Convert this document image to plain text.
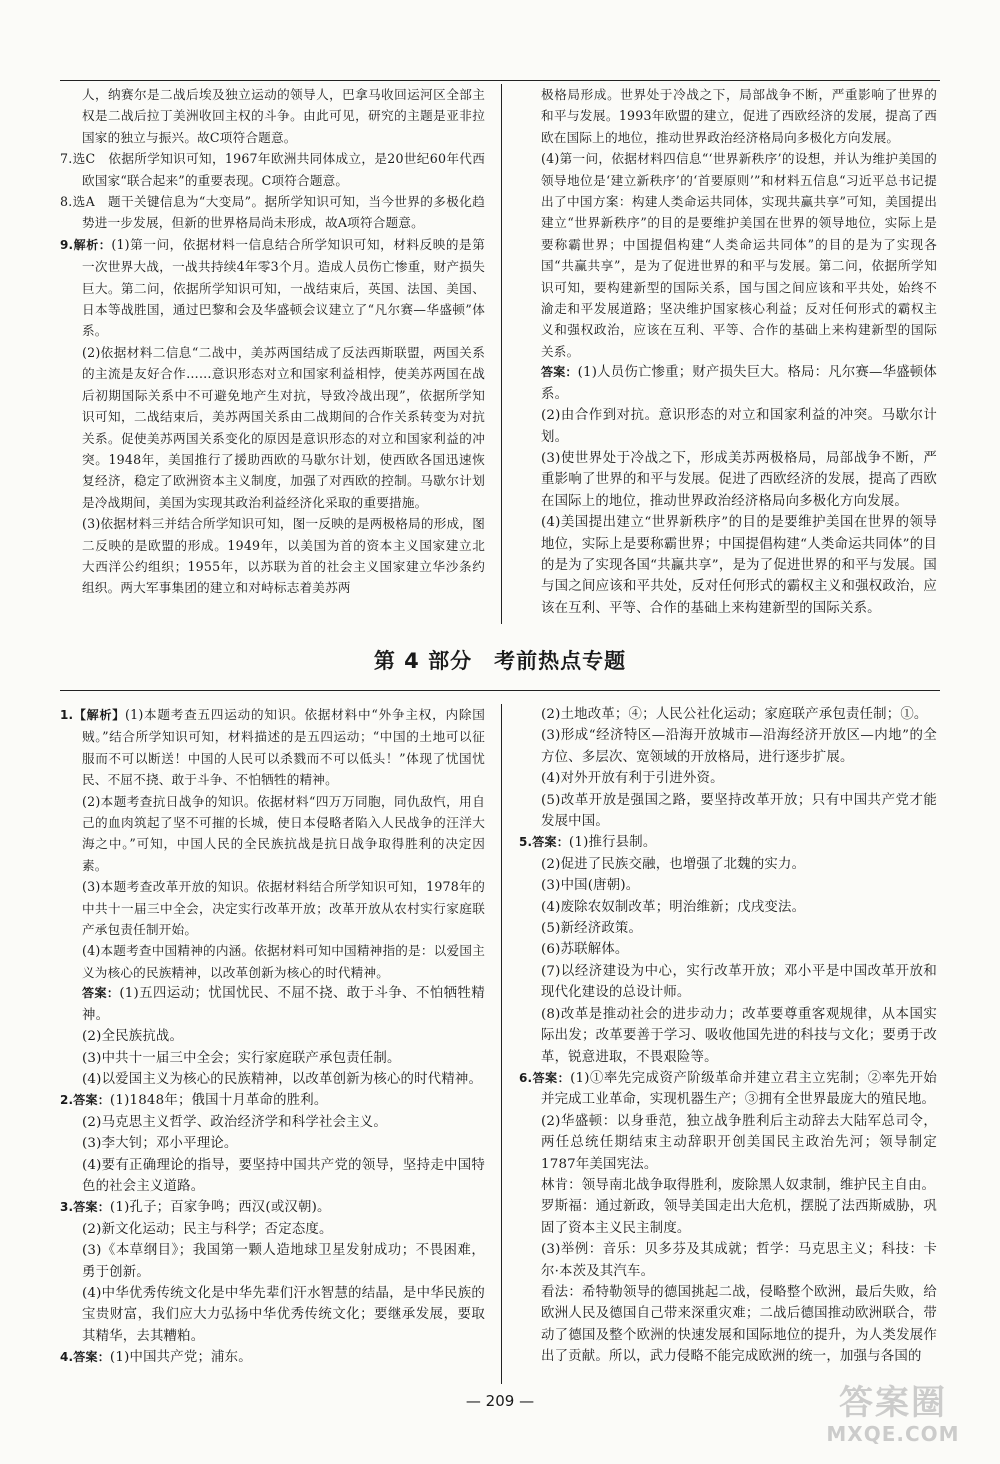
人，纳赛尔是二战后埃及独立运动的领导人，巴拿马收回运河区全部主权是二战后拉丁美洲收回主权的斗争。由此可见，研究的主题是亚非拉国家的独立与振兴。故C项符合题意。

7.选C　依据所学知识可知，1967年欧洲共同体成立，是20世纪60年代西欧国家“联合起来”的重要表现。C项符合题意。

8.选A　题干关键信息为“大变局”。据所学知识可知，当今世界的多极化趋势进一步发展，但新的世界格局尚未形成，故A项符合题意。

9.解析：(1)第一问，依据材料一信息结合所学知识可知，材料反映的是第一次世界大战，一战共持续4年零3个月。造成人员伤亡惨重，财产损失巨大。第二问，依据所学知识可知，一战结束后，英国、法国、美国、日本等战胜国，通过巴黎和会及华盛顿会议建立了“凡尔赛—华盛顿”体系。

(2)依据材料二信息“二战中，美苏两国结成了反法西斯联盟，两国关系的主流是友好合作……意识形态对立和国家利益相悖，使美苏两国在战后初期国际关系中不可避免地产生对抗，导致冷战出现”，依据所学知识可知，二战结束后，美苏两国关系由二战期间的合作关系转变为对抗关系。促使美苏两国关系变化的原因是意识形态的对立和国家利益的冲突。1948年，美国推行了援助西欧的马歇尔计划，使西欧各国迅速恢复经济，稳定了欧洲资本主义制度，加强了对西欧的控制。马歇尔计划是冷战期间，美国为实现其政治利益经济化采取的重要措施。

(3)依据材料三并结合所学知识可知，图一反映的是两极格局的形成，图二反映的是欧盟的形成。1949年，以美国为首的资本主义国家建立北大西洋公约组织；1955年，以苏联为首的社会主义国家建立华沙条约组织。两大军事集团的建立和对峙标志着美苏两

极格局形成。世界处于冷战之下，局部战争不断，严重影响了世界的和平与发展。1993年欧盟的建立，促进了西欧经济的发展，提高了西欧在国际上的地位，推动世界政治经济格局向多极化方向发展。

(4)第一问，依据材料四信息“‘世界新秩序’的设想，并认为维护美国的领导地位是‘建立新秩序’的‘首要原则’”和材料五信息“习近平总书记提出了中国方案：构建人类命运共同体，实现共赢共享”可知，美国提出建立“世界新秩序”的目的是要维护美国在世界的领导地位，实际上是要称霸世界；中国提倡构建“人类命运共同体”的目的是为了实现各国“共赢共享”，是为了促进世界的和平与发展。第二问，依据所学知识可知，要构建新型的国际关系，国与国之间应该和平共处，始终不渝走和平发展道路；坚决维护国家核心利益；反对任何形式的霸权主义和强权政治，应该在互利、平等、合作的基础上来构建新型的国际关系。

答案：(1)人员伤亡惨重；财产损失巨大。格局：凡尔赛—华盛顿体系。

(2)由合作到对抗。意识形态的对立和国家利益的冲突。马歇尔计划。

(3)使世界处于冷战之下，形成美苏两极格局，局部战争不断，严重影响了世界的和平与发展。促进了西欧经济的发展，提高了西欧在国际上的地位，推动世界政治经济格局向多极化方向发展。

(4)美国提出建立“世界新秩序”的目的是要维护美国在世界的领导地位，实际上是要称霸世界；中国提倡构建“人类命运共同体”的目的是为了实现各国“共赢共享”，是为了促进世界的和平与发展。国与国之间应该和平共处，反对任何形式的霸权主义和强权政治，应该在互利、平等、合作的基础上来构建新型的国际关系。

第 4 部分　考前热点专题

1.【解析】(1)本题考查五四运动的知识。依据材料中“外争主权，内除国贼。”结合所学知识可知，材料描述的是五四运动；“中国的土地可以征服而不可以断送！中国的人民可以杀戮而不可以低头！”体现了忧国忧民、不屈不挠、敢于斗争、不怕牺牲的精神。

(2)本题考查抗日战争的知识。依据材料“四万万同胞，同仇敌忾，用自己的血肉筑起了坚不可摧的长城，使日本侵略者陷入人民战争的汪洋大海之中。”可知，中国人民的全民族抗战是抗日战争取得胜利的决定因素。

(3)本题考查改革开放的知识。依据材料结合所学知识可知，1978年的中共十一届三中全会，决定实行改革开放；改革开放从农村实行家庭联产承包责任制开始。

(4)本题考查中国精神的内涵。依据材料可知中国精神指的是：以爱国主义为核心的民族精神，以改革创新为核心的时代精神。

答案：(1)五四运动；忧国忧民、不屈不挠、敢于斗争、不怕牺牲精神。

(2)全民族抗战。

(3)中共十一届三中全会；实行家庭联产承包责任制。

(4)以爱国主义为核心的民族精神，以改革创新为核心的时代精神。

2.答案：(1)1848年；俄国十月革命的胜利。

(2)马克思主义哲学、政治经济学和科学社会主义。

(3)李大钊；邓小平理论。

(4)要有正确理论的指导，要坚持中国共产党的领导，坚持走中国特色的社会主义道路。

3.答案：(1)孔子；百家争鸣；西汉(或汉朝)。

(2)新文化运动；民主与科学；否定态度。

(3)《本草纲目》；我国第一颗人造地球卫星发射成功；不畏困难，勇于创新。

(4)中华优秀传统文化是中华先辈们汗水智慧的结晶，是中华民族的宝贵财富，我们应大力弘扬中华优秀传统文化；要继承发展，要取其精华，去其糟粕。

4.答案：(1)中国共产党；浦东。

(2)土地改革；④；人民公社化运动；家庭联产承包责任制；①。

(3)形成“经济特区—沿海开放城市—沿海经济开放区—内地”的全方位、多层次、宽领域的开放格局，进行逐步扩展。

(4)对外开放有利于引进外资。

(5)改革开放是强国之路，要坚持改革开放；只有中国共产党才能发展中国。

5.答案：(1)推行县制。

(2)促进了民族交融，也增强了北魏的实力。

(3)中国(唐朝)。

(4)废除农奴制改革；明治维新；戊戌变法。

(5)新经济政策。

(6)苏联解体。

(7)以经济建设为中心，实行改革开放；邓小平是中国改革开放和现代化建设的总设计师。

(8)改革是推动社会的进步动力；改革要尊重客观规律，从本国实际出发；改革要善于学习、吸收他国先进的科技与文化；要勇于改革，锐意进取，不畏艰险等。

6.答案：(1)①率先完成资产阶级革命并建立君主立宪制；②率先开始并完成工业革命，实现机器生产；③拥有全世界最庞大的殖民地。

(2)华盛顿：以身垂范，独立战争胜利后主动辞去大陆军总司令，两任总统任期结束主动辞职开创美国民主政治先河；领导制定1787年美国宪法。

林肯：领导南北战争取得胜利，废除黑人奴隶制，维护民主自由。

罗斯福：通过新政，领导美国走出大危机，摆脱了法西斯威胁，巩固了资本主义民主制度。

(3)举例：音乐：贝多芬及其成就；哲学：马克思主义；科技：卡尔·本茨及其汽车。

看法：希特勒领导的德国挑起二战，侵略整个欧洲，最后失败，给欧洲人民及德国自己带来深重灾难；二战后德国推动欧洲联合，带动了德国及整个欧洲的快速发展和国际地位的提升，为人类发展作出了贡献。所以，武力侵略不能完成欧洲的统一，加强与各国的

— 209 —	答案圈
MXQE.COM
